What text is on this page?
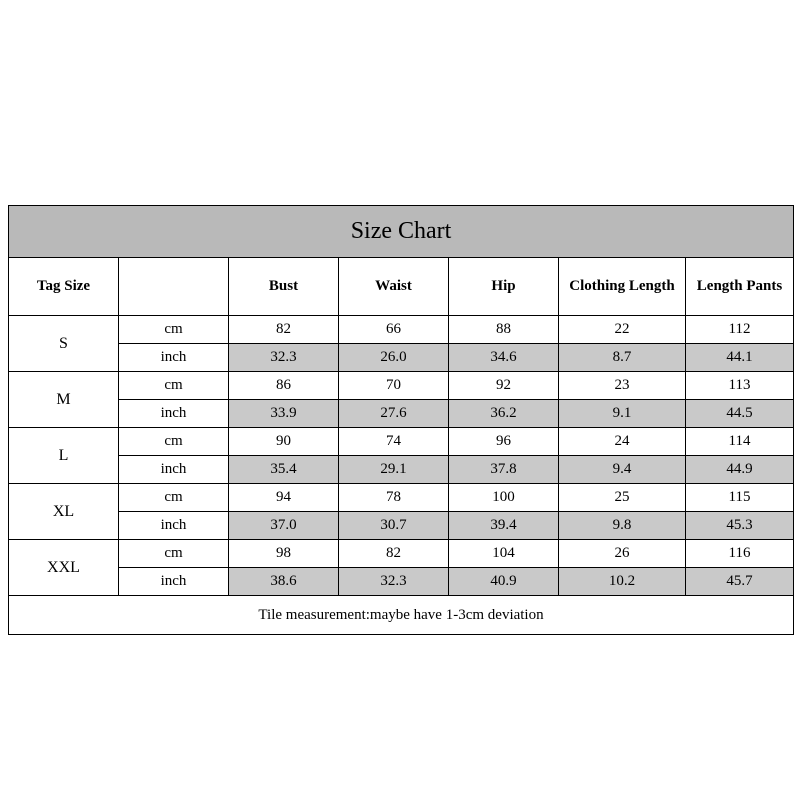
Size Chart						
Tag Size		Bust	Waist	Hip	Clothing Length	Length Pants
S	cm	82	66	88	22	112
	inch	32.3	26.0	34.6	8.7	44.1
M	cm	86	70	92	23	113
	inch	33.9	27.6	36.2	9.1	44.5
L	cm	90	74	96	24	114
	inch	35.4	29.1	37.8	9.4	44.9
XL	cm	94	78	100	25	115
	inch	37.0	30.7	39.4	9.8	45.3
XXL	cm	98	82	104	26	116
	inch	38.6	32.3	40.9	10.2	45.7
Tile measurement:maybe have 1-3cm deviation						
